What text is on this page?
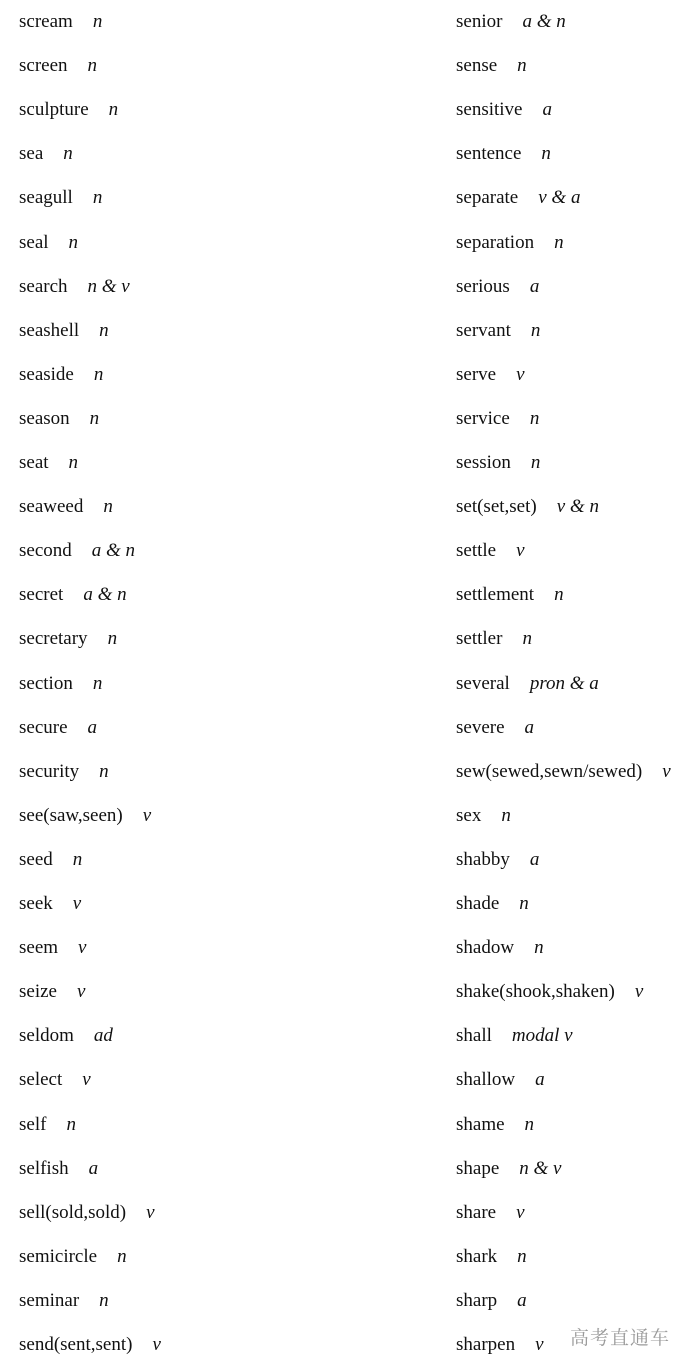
scream n
screen n
sculpture n
sea n
seagull n
seal n
search n & v
seashell n
seaside n
season n
seat n
seaweed n
second a & n
secret a & n
secretary n
section n
secure a
security n
see(saw,seen) v
seed n
seek v
seem v
seize v
seldom ad
select v
self n
selfish a
sell(sold,sold) v
semicircle n
seminar n
send(sent,sent) v
senior a & n
sense n
sensitive a
sentence n
separate v & a
separation n
serious a
servant n
serve v
service n
session n
set(set,set) v & n
settle v
settlement n
settler n
several pron & a
severe a
sew(sewed,sewn/sewed) v
sex n
shabby a
shade n
shadow n
shake(shook,shaken) v
shall modal v
shallow a
shame n
shape n & v
share v
shark n
sharp a
sharpen v 高考直通车
